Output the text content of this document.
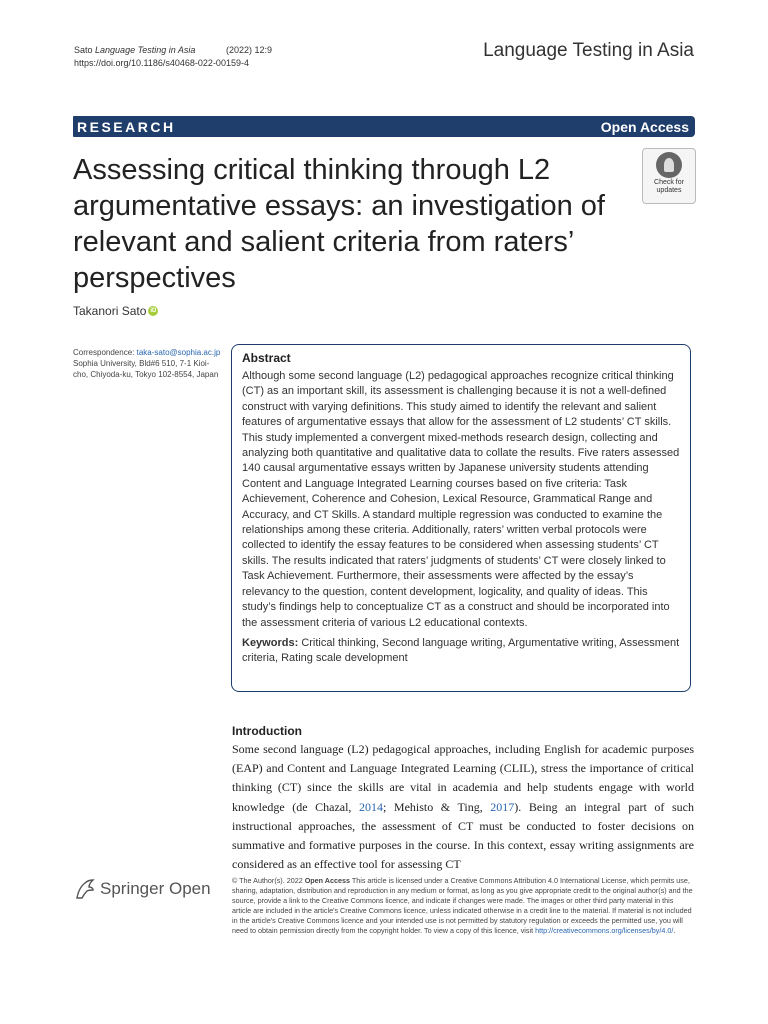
Sato Language Testing in Asia	(2022) 12:9
https://doi.org/10.1186/s40468-022-00159-4
Language Testing in Asia
RESEARCH	Open Access
Assessing critical thinking through L2 argumentative essays: an investigation of relevant and salient criteria from raters’ perspectives
Check for
updates
Takanori Sato iD
Correspondence: taka-sato@sophia.ac.jp
Sophia University, Bld#6 510, 7-1 Kioi-cho, Chiyoda-ku, Tokyo 102-8554, Japan
Abstract

Although some second language (L2) pedagogical approaches recognize critical thinking (CT) as an important skill, its assessment is challenging because it is not a well-defined construct with varying definitions. This study aimed to identify the relevant and salient features of argumentative essays that allow for the assessment of L2 students’ CT skills. This study implemented a convergent mixed-methods research design, collecting and analyzing both quantitative and qualitative data to collate the results. Five raters assessed 140 causal argumentative essays written by Japanese university students attending Content and Language Integrated Learning courses based on five criteria: Task Achievement, Coherence and Cohesion, Lexical Resource, Grammatical Range and Accuracy, and CT Skills. A standard multiple regression was conducted to examine the relationships among these criteria. Additionally, raters’ written verbal protocols were collected to identify the essay features to be considered when assessing students’ CT skills. The results indicated that raters’ judgments of students’ CT were closely linked to Task Achievement. Furthermore, their assessments were affected by the essay’s relevancy to the question, content development, logicality, and quality of ideas. This study’s findings help to conceptualize CT as a construct and should be incorporated into the assessment criteria of various L2 educational contexts.

Keywords: Critical thinking, Second language writing, Argumentative writing, Assessment criteria, Rating scale development

Introduction

Some second language (L2) pedagogical approaches, including English for academic purposes (EAP) and Content and Language Integrated Learning (CLIL), stress the importance of critical thinking (CT) since the skills are vital in academia and help students engage with world knowledge (de Chazal, 2014; Mehisto & Ting, 2017). Being an integral part of such instructional approaches, the assessment of CT must be conducted to foster decisions on summative and formative purposes in the course. In this context, essay writing assignments are considered as an effective tool for assessing CT

Springer Open	© The Author(s). 2022 Open Access This article is licensed under a Creative Commons Attribution 4.0 International License, which permits use, sharing, adaptation, distribution and reproduction in any medium or format, as long as you give appropriate credit to the original author(s) and the source, provide a link to the Creative Commons licence, and indicate if changes were made. The images or other third party material in this article are included in the article's Creative Commons licence, unless indicated otherwise in a credit line to the material. If material is not included in the article's Creative Commons licence and your intended use is not permitted by statutory regulation or exceeds the permitted use, you will need to obtain permission directly from the copyright holder. To view a copy of this licence, visit http://creativecommons.org/licenses/by/4.0/.
